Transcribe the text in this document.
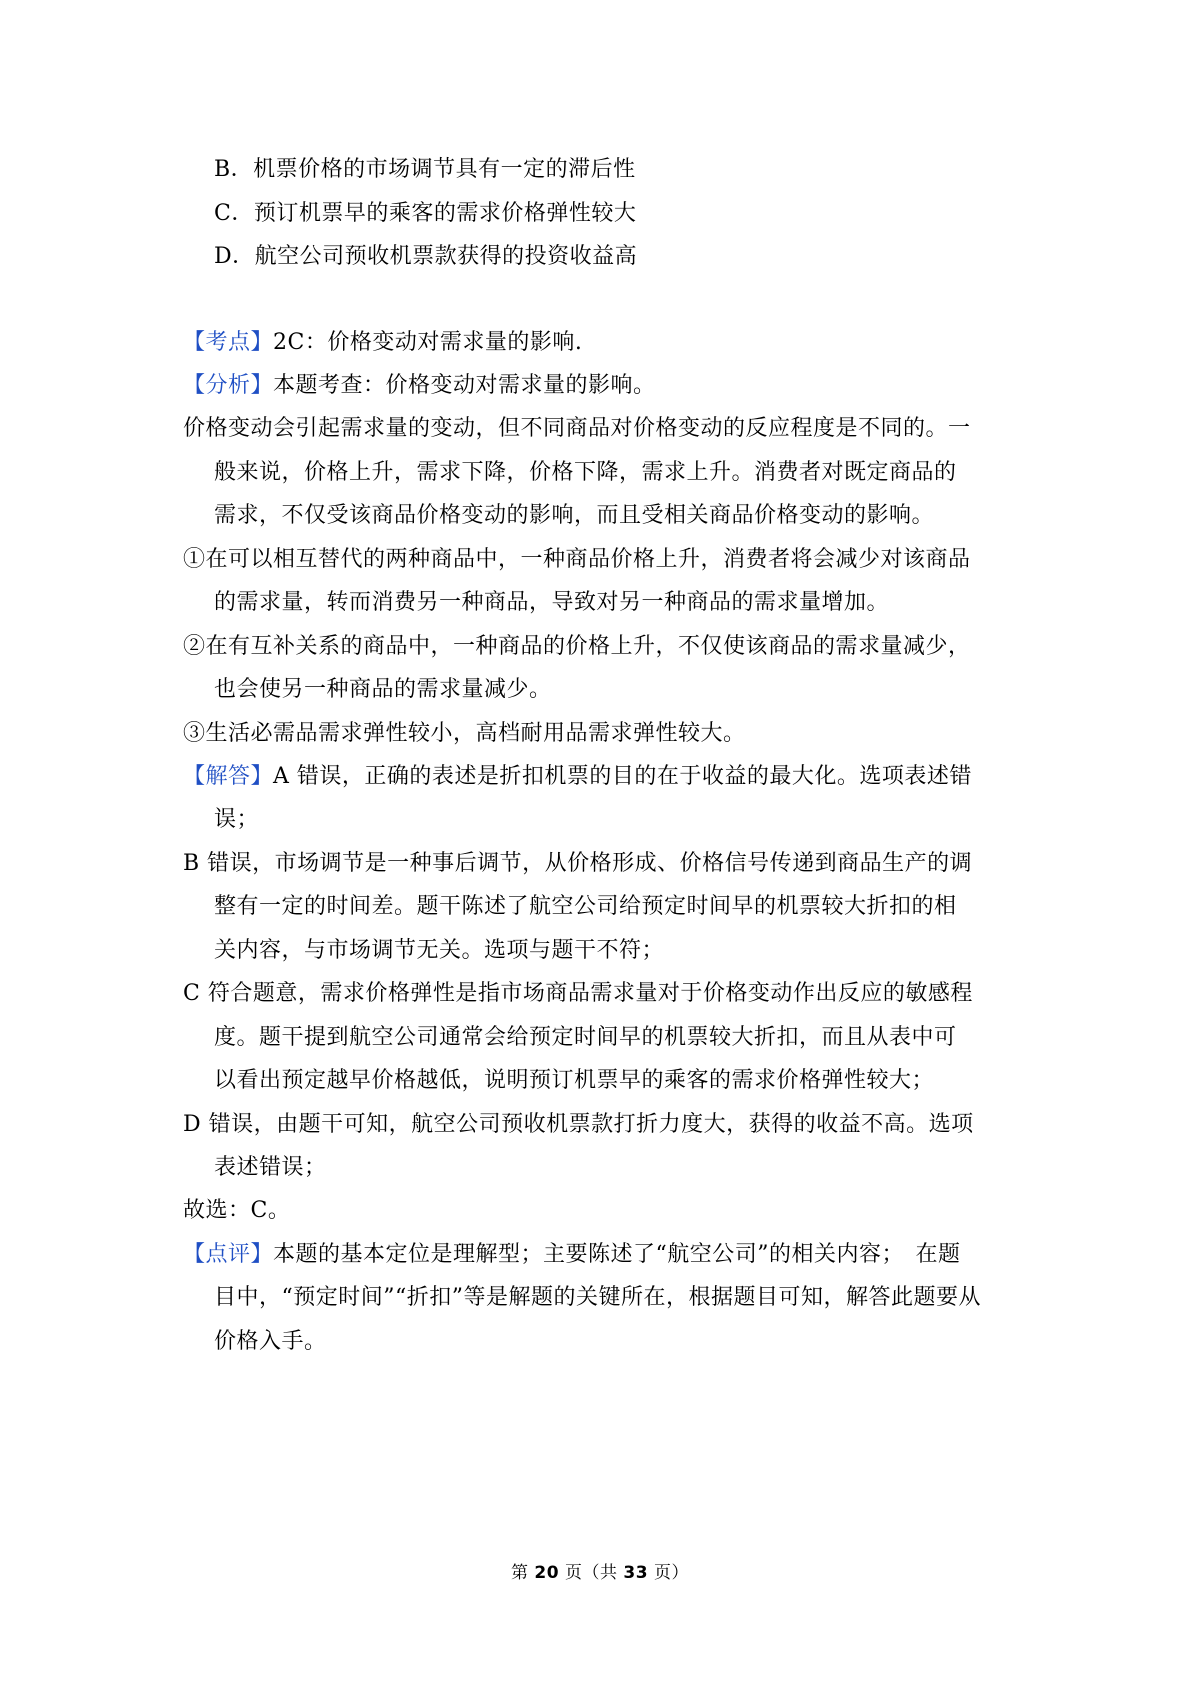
B．机票价格的市场调节具有一定的滞后性
C．预订机票早的乘客的需求价格弹性较大
D．航空公司预收机票款获得的投资收益高
【考点】2C：价格变动对需求量的影响.
【分析】本题考查：价格变动对需求量的影响。
价格变动会引起需求量的变动，但不同商品对价格变动的反应程度是不同的。一
般来说，价格上升，需求下降，价格下降，需求上升。消费者对既定商品的
需求，不仅受该商品价格变动的影响，而且受相关商品价格变动的影响。
①在可以相互替代的两种商品中，一种商品价格上升，消费者将会减少对该商品
的需求量，转而消费另一种商品，导致对另一种商品的需求量增加。
②在有互补关系的商品中，一种商品的价格上升，不仅使该商品的需求量减少，
也会使另一种商品的需求量减少。
③生活必需品需求弹性较小，高档耐用品需求弹性较大。
【解答】A 错误，正确的表述是折扣机票的目的在于收益的最大化。选项表述错
误；
B 错误，市场调节是一种事后调节，从价格形成、价格信号传递到商品生产的调
整有一定的时间差。题干陈述了航空公司给预定时间早的机票较大折扣的相
关内容，与市场调节无关。选项与题干不符；
C 符合题意，需求价格弹性是指市场商品需求量对于价格变动作出反应的敏感程
度。题干提到航空公司通常会给预定时间早的机票较大折扣，而且从表中可
以看出预定越早价格越低，说明预订机票早的乘客的需求价格弹性较大；
D 错误，由题干可知，航空公司预收机票款打折力度大，获得的收益不高。选项
表述错误；
故选：C。
【点评】本题的基本定位是理解型；主要陈述了“航空公司”的相关内容；　在题
目中，“预定时间”“折扣”等是解题的关键所在，根据题目可知，解答此题要从
价格入手。
第 20 页（共 33 页）
